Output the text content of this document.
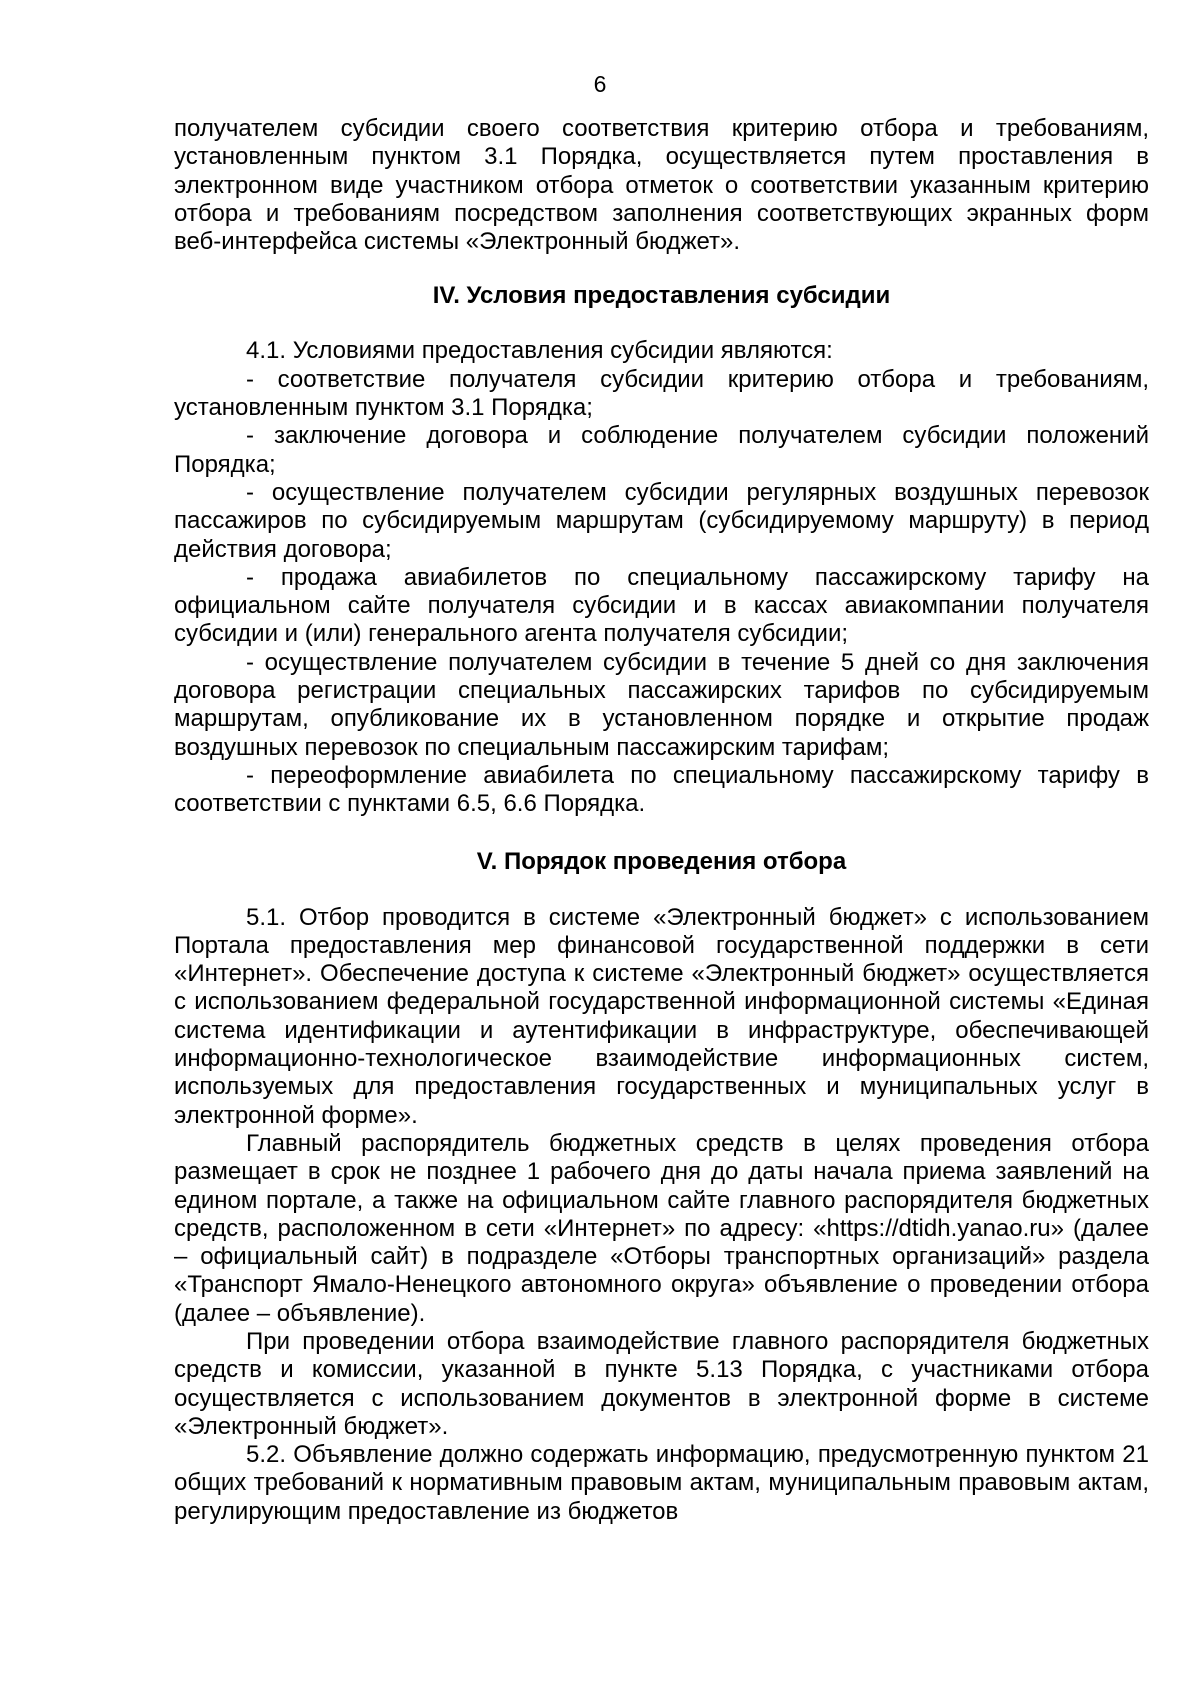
6

получателем субсидии своего соответствия критерию отбора и требованиям, установленным пунктом 3.1 Порядка, осуществляется путем проставления в электронном виде участником отбора отметок о соответствии указанным критерию отбора и требованиям посредством заполнения соответствующих экранных форм веб-интерфейса системы «Электронный бюджет».

IV. Условия предоставления субсидии

4.1. Условиями предоставления субсидии являются:

- соответствие получателя субсидии критерию отбора и требованиям, установленным пунктом 3.1 Порядка;

- заключение договора и соблюдение получателем субсидии положений Порядка;

- осуществление получателем субсидии регулярных воздушных перевозок пассажиров по субсидируемым маршрутам (субсидируемому маршруту) в период действия договора;

- продажа авиабилетов по специальному пассажирскому тарифу на официальном сайте получателя субсидии и в кассах авиакомпании получателя субсидии и (или) генерального агента получателя субсидии;

- осуществление получателем субсидии в течение 5 дней со дня заключения договора регистрации специальных пассажирских тарифов по субсидируемым маршрутам, опубликование их в установленном порядке и открытие продаж воздушных перевозок по специальным пассажирским тарифам;

- переоформление авиабилета по специальному пассажирскому тарифу в соответствии с пунктами 6.5, 6.6 Порядка.

V. Порядок проведения отбора

5.1. Отбор проводится в системе «Электронный бюджет» с использованием Портала предоставления мер финансовой государственной поддержки в сети «Интернет». Обеспечение доступа к системе «Электронный бюджет» осуществляется с использованием федеральной государственной информационной системы «Единая система идентификации и аутентификации в инфраструктуре, обеспечивающей информационно-технологическое взаимодействие информационных систем, используемых для предоставления государственных и муниципальных услуг в электронной форме».

Главный распорядитель бюджетных средств в целях проведения отбора размещает в срок не позднее 1 рабочего дня до даты начала приема заявлений на едином портале, а также на официальном сайте главного распорядителя бюджетных средств, расположенном в сети «Интернет» по адресу: «https://dtidh.yanao.ru» (далее – официальный сайт) в подразделе «Отборы транспортных организаций» раздела «Транспорт Ямало-Ненецкого автономного округа» объявление о проведении отбора (далее – объявление).

При проведении отбора взаимодействие главного распорядителя бюджетных средств и комиссии, указанной в пункте 5.13 Порядка, с участниками отбора осуществляется с использованием документов в электронной форме в системе «Электронный бюджет».

5.2. Объявление должно содержать информацию, предусмотренную пунктом 21 общих требований к нормативным правовым актам, муниципальным правовым актам, регулирующим предоставление из бюджетов
